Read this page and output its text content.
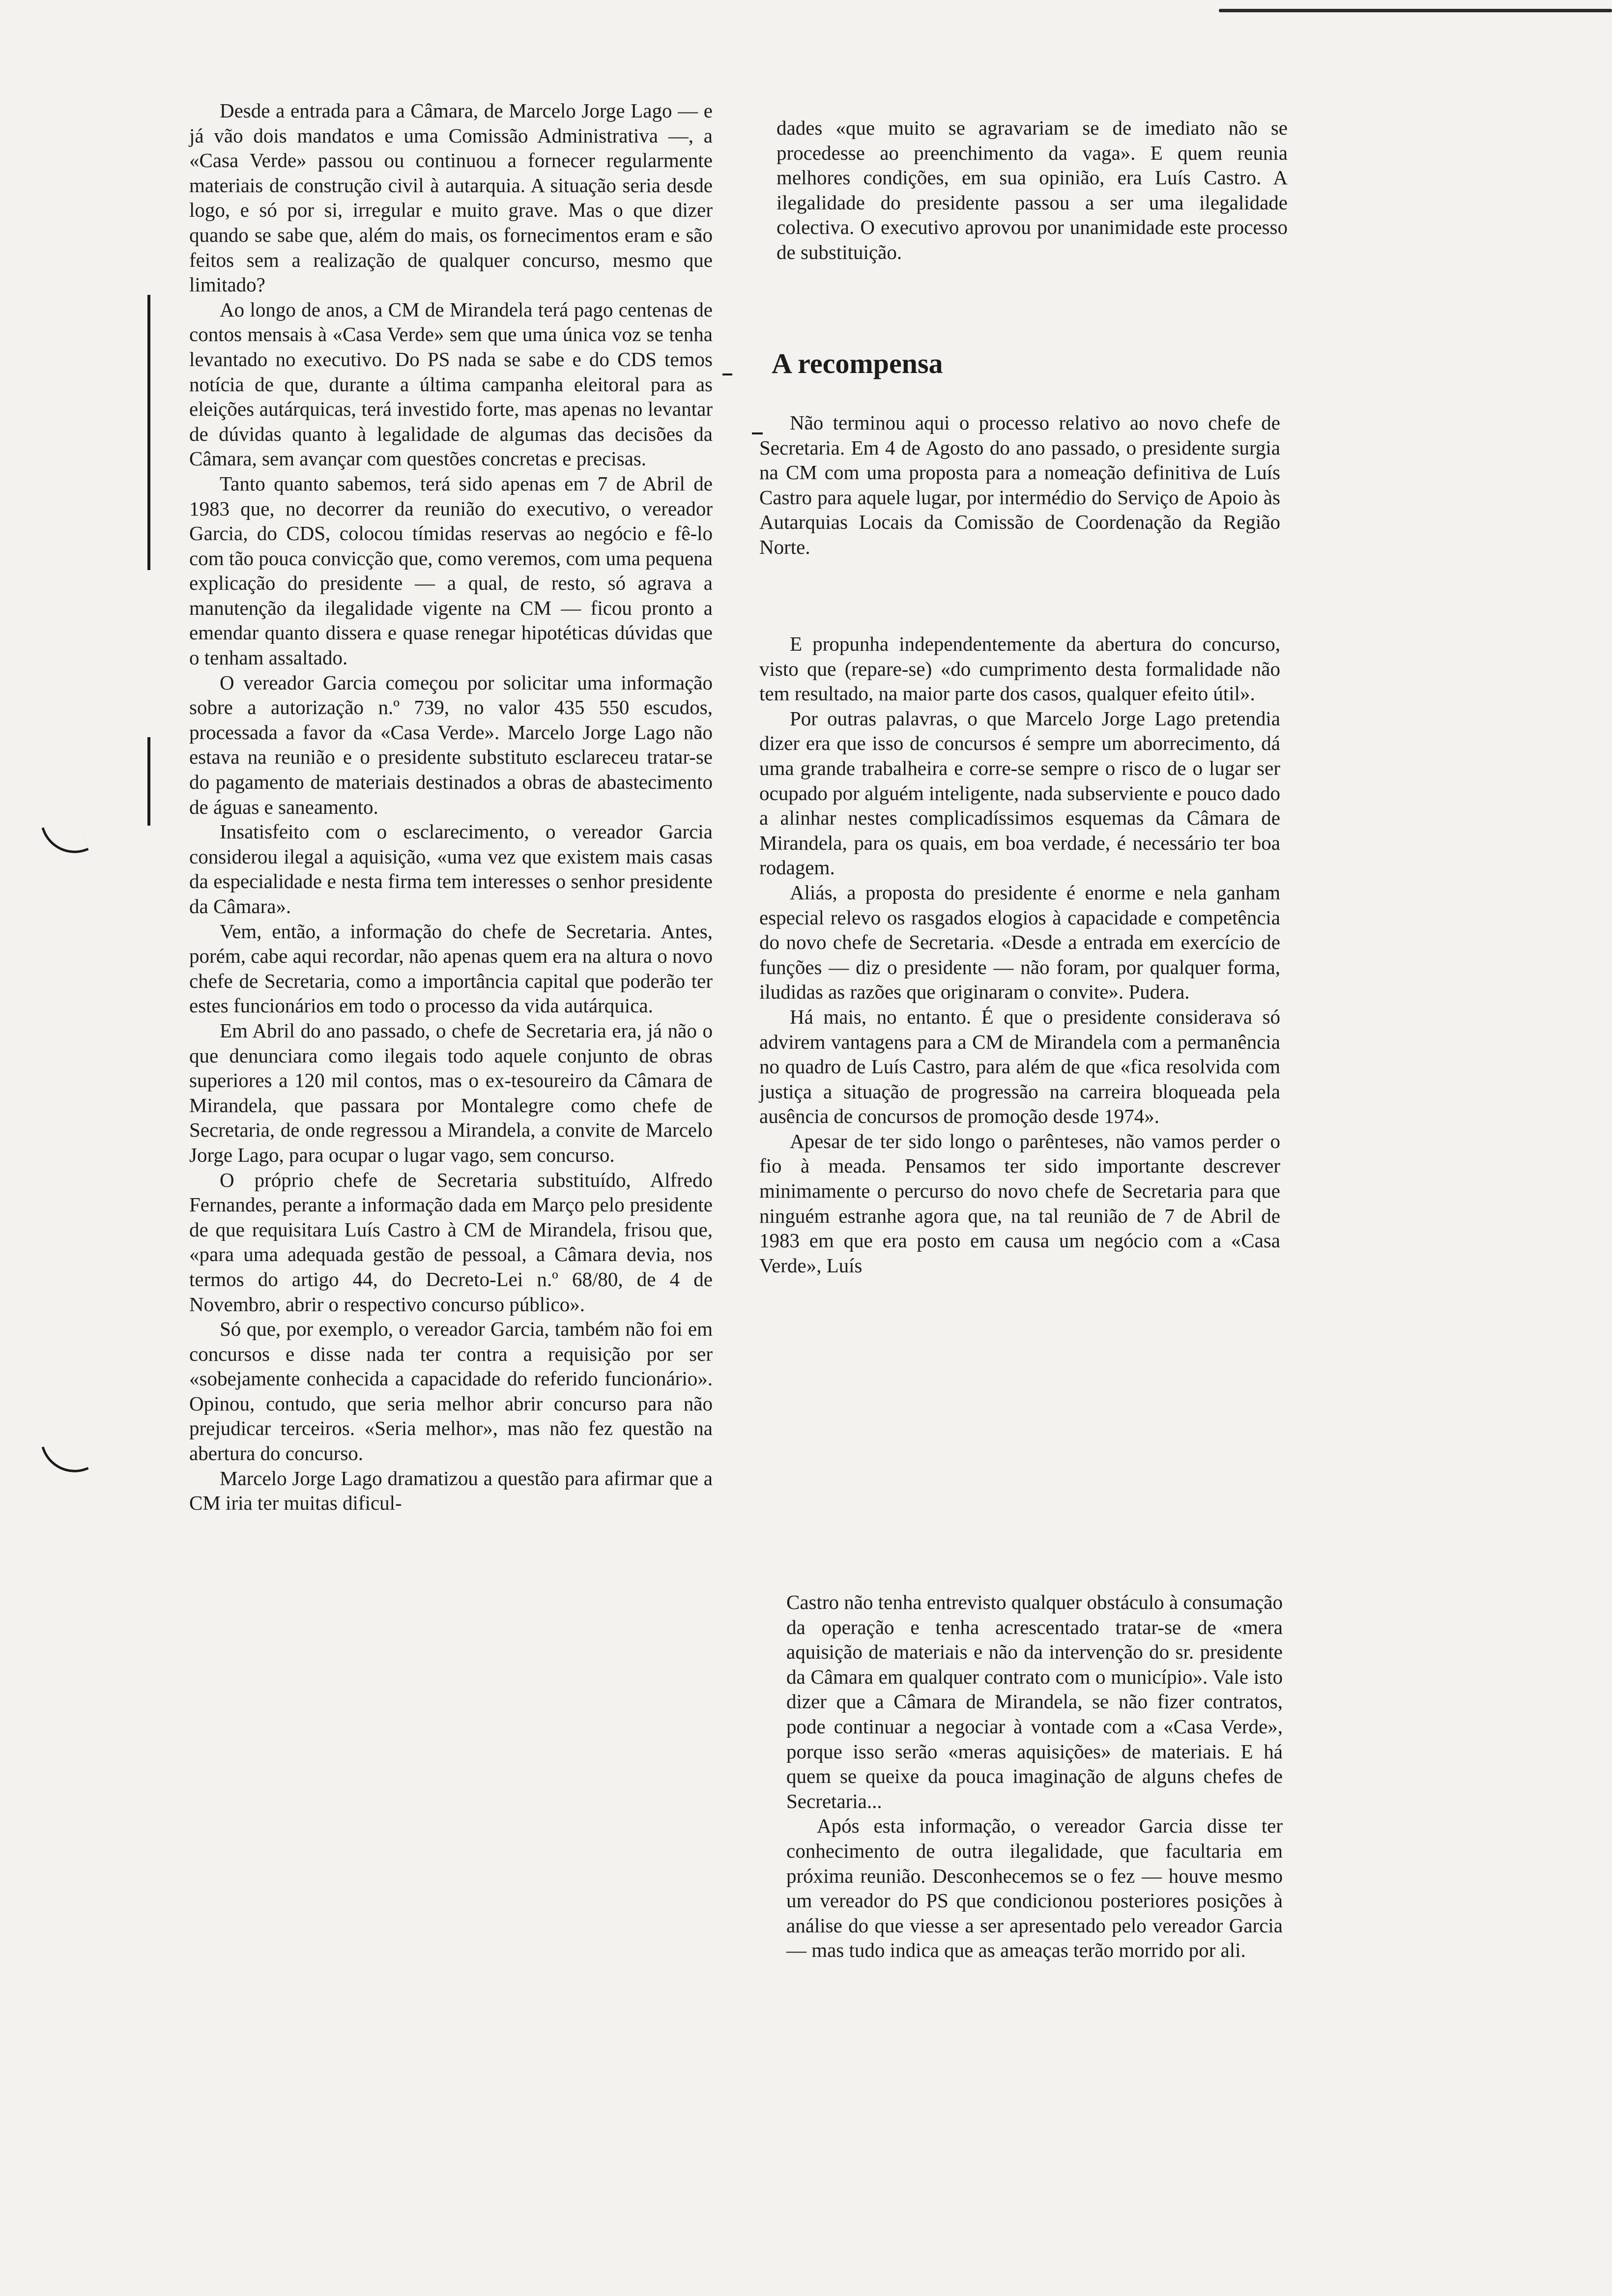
Desde a entrada para a Câmara, de Marcelo Jorge Lago — e já vão dois mandatos e uma Comissão Administrativa —, a «Casa Verde» passou ou continuou a fornecer regularmente materiais de construção civil à autarquia. A situação seria desde logo, e só por si, irregular e muito grave. Mas o que dizer quando se sabe que, além do mais, os fornecimentos eram e são feitos sem a realização de qualquer concurso, mesmo que limitado?

Ao longo de anos, a CM de Mirandela terá pago centenas de contos mensais à «Casa Verde» sem que uma única voz se tenha levantado no executivo. Do PS nada se sabe e do CDS temos notícia de que, durante a última campanha eleitoral para as eleições autárquicas, terá investido forte, mas apenas no levantar de dúvidas quanto à legalidade de algumas das decisões da Câmara, sem avançar com questões concretas e precisas.

Tanto quanto sabemos, terá sido apenas em 7 de Abril de 1983 que, no decorrer da reunião do executivo, o vereador Garcia, do CDS, colocou tímidas reservas ao negócio e fê-lo com tão pouca convicção que, como veremos, com uma pequena explicação do presidente — a qual, de resto, só agrava a manutenção da ilegalidade vigente na CM — ficou pronto a emendar quanto dissera e quase renegar hipotéticas dúvidas que o tenham assaltado.

O vereador Garcia começou por solicitar uma informação sobre a autorização n.º 739, no valor 435 550 escudos, processada a favor da «Casa Verde». Marcelo Jorge Lago não estava na reunião e o presidente substituto esclareceu tratar-se do pagamento de materiais destinados a obras de abastecimento de águas e saneamento.

Insatisfeito com o esclarecimento, o vereador Garcia considerou ilegal a aquisição, «uma vez que existem mais casas da especialidade e nesta firma tem interesses o senhor presidente da Câmara».

Vem, então, a informação do chefe de Secretaria. Antes, porém, cabe aqui recordar, não apenas quem era na altura o novo chefe de Secretaria, como a importância capital que poderão ter estes funcionários em todo o processo da vida autárquica.

Em Abril do ano passado, o chefe de Secretaria era, já não o que denunciara como ilegais todo aquele conjunto de obras superiores a 120 mil contos, mas o ex-tesoureiro da Câmara de Mirandela, que passara por Montalegre como chefe de Secretaria, de onde regressou a Mirandela, a convite de Marcelo Jorge Lago, para ocupar o lugar vago, sem concurso.

O próprio chefe de Secretaria substituído, Alfredo Fernandes, perante a informação dada em Março pelo presidente de que requisitara Luís Castro à CM de Mirandela, frisou que, «para uma adequada gestão de pessoal, a Câmara devia, nos termos do artigo 44, do Decreto-Lei n.º 68/80, de 4 de Novembro, abrir o respectivo concurso público».

Só que, por exemplo, o vereador Garcia, também não foi em concursos e disse nada ter contra a requisição por ser «sobejamente conhecida a capacidade do referido funcionário». Opinou, contudo, que seria melhor abrir concurso para não prejudicar terceiros. «Seria melhor», mas não fez questão na abertura do concurso.

Marcelo Jorge Lago dramatizou a questão para afirmar que a CM iria ter muitas dificul-

dades «que muito se agravariam se de imediato não se procedesse ao preenchimento da vaga». E quem reunia melhores condições, em sua opinião, era Luís Castro. A ilegalidade do presidente passou a ser uma ilegalidade colectiva. O executivo aprovou por unanimidade este processo de substituição.

A recompensa

Não terminou aqui o processo relativo ao novo chefe de Secretaria. Em 4 de Agosto do ano passado, o presidente surgia na CM com uma proposta para a nomeação definitiva de Luís Castro para aquele lugar, por intermédio do Serviço de Apoio às Autarquias Locais da Comissão de Coordenação da Região Norte.

E propunha independentemente da abertura do concurso, visto que (repare-se) «do cumprimento desta formalidade não tem resultado, na maior parte dos casos, qualquer efeito útil».

Por outras palavras, o que Marcelo Jorge Lago pretendia dizer era que isso de concursos é sempre um aborrecimento, dá uma grande trabalheira e corre-se sempre o risco de o lugar ser ocupado por alguém inteligente, nada subserviente e pouco dado a alinhar nestes complicadíssimos esquemas da Câmara de Mirandela, para os quais, em boa verdade, é necessário ter boa rodagem.

Aliás, a proposta do presidente é enorme e nela ganham especial relevo os rasgados elogios à capacidade e competência do novo chefe de Secretaria. «Desde a entrada em exercício de funções — diz o presidente — não foram, por qualquer forma, iludidas as razões que originaram o convite». Pudera.

Há mais, no entanto. É que o presidente considerava só advirem vantagens para a CM de Mirandela com a permanência no quadro de Luís Castro, para além de que «fica resolvida com justiça a situação de progressão na carreira bloqueada pela ausência de concursos de promoção desde 1974».

Apesar de ter sido longo o parênteses, não vamos perder o fio à meada. Pensamos ter sido importante descrever minimamente o percurso do novo chefe de Secretaria para que ninguém estranhe agora que, na tal reunião de 7 de Abril de 1983 em que era posto em causa um negócio com a «Casa Verde», Luís

Castro não tenha entrevisto qualquer obstáculo à consumação da operação e tenha acrescentado tratar-se de «mera aquisição de materiais e não da intervenção do sr. presidente da Câmara em qualquer contrato com o município». Vale isto dizer que a Câmara de Mirandela, se não fizer contratos, pode continuar a negociar à vontade com a «Casa Verde», porque isso serão «meras aquisições» de materiais. E há quem se queixe da pouca imaginação de alguns chefes de Secretaria...

Após esta informação, o vereador Garcia disse ter conhecimento de outra ilegalidade, que facultaria em próxima reunião. Desconhecemos se o fez — houve mesmo um vereador do PS que condicionou posteriores posições à análise do que viesse a ser apresentado pelo vereador Garcia — mas tudo indica que as ameaças terão morrido por ali.
